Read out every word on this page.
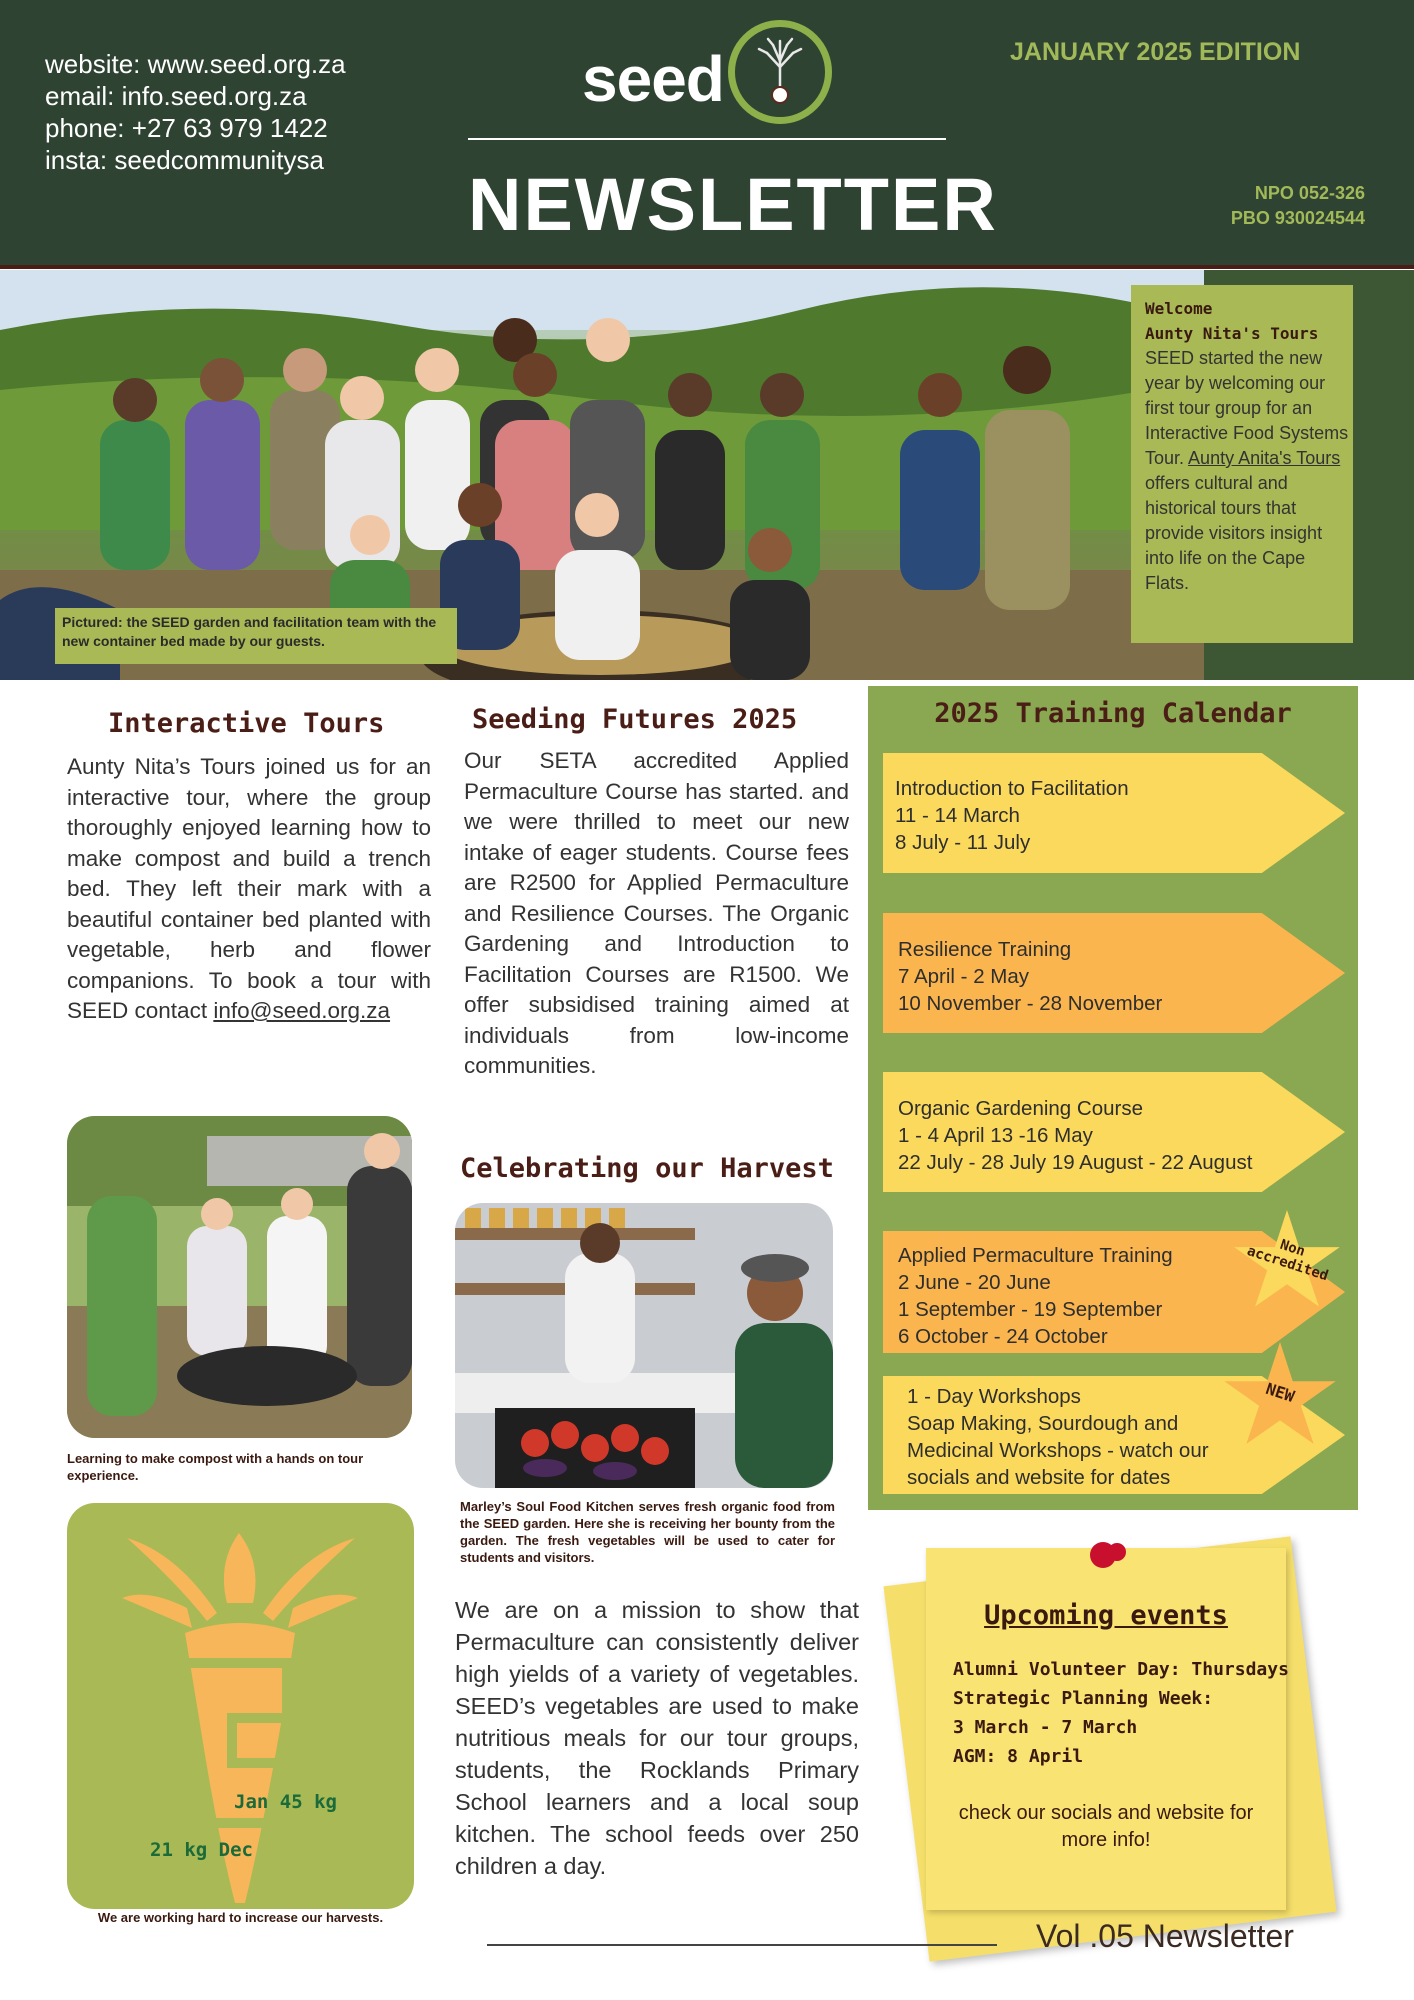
website: www.seed.org.za
email: info.seed.org.za
phone: +27 63 979 1422
insta: seedcommunitysa
seed
NEWSLETTER
JANUARY 2025 EDITION
NPO 052-326
PBO 930024544
Pictured: the SEED garden and facilitation team with the new container bed made by our guests.
Welcome
Aunty Nita's Tours
SEED started the new year by welcoming our first tour group for an Interactive Food Systems Tour. Aunty Anita's Tours offers cultural and historical tours that provide visitors insight into life on the Cape Flats.
Interactive Tours
Aunty Nita’s Tours joined us for an interactive tour, where the group thoroughly enjoyed learning how to make compost and build a trench bed. They left their mark with a beautiful container bed planted with vegetable, herb and flower companions. To book a tour with SEED contact info@seed.org.za
Learning to make compost with a hands on tour experience.
Jan 45 kg
21 kg Dec
We are working hard to increase our harvests.
Seeding Futures 2025
Our SETA accredited Applied Permaculture Course has started. and we were thrilled to meet our new intake of eager students. Course fees are R2500 for Applied Permaculture and Resilience Courses. The Organic Gardening and Introduction to Facilitation Courses are R1500. We offer subsidised training aimed at individuals from low-income communities.
Celebrating our Harvest
Marley’s Soul Food Kitchen serves fresh organic food from the SEED garden. Here she is receiving her bounty from the garden. The fresh vegetables will be used to cater for students and visitors.
We are on a mission to show that Permaculture can consistently deliver high yields of a variety of vegetables. SEED’s vegetables are used to make nutritious meals for our tour groups, students, the Rocklands Primary School learners and a local soup kitchen. The school feeds over 250 children a day.
2025 Training Calendar
Introduction to Facilitation
11 - 14 March
8 July - 11 July
Resilience Training
7 April - 2 May
10 November - 28 November
Organic Gardening Course
1 - 4 April 13 -16 May
22 July - 28 July 19 August - 22 August
Applied Permaculture Training
2 June - 20 June
1 September - 19 September
6 October - 24 October
Non accredited
1 - Day Workshops
Soap Making, Sourdough and
Medicinal Workshops - watch our
socials and website for dates
NEW
Upcoming events
Alumni Volunteer Day: Thursdays
Strategic Planning Week:
3 March - 7 March
AGM: 8 April
check our socials and website for more info!
Vol .05 Newsletter
